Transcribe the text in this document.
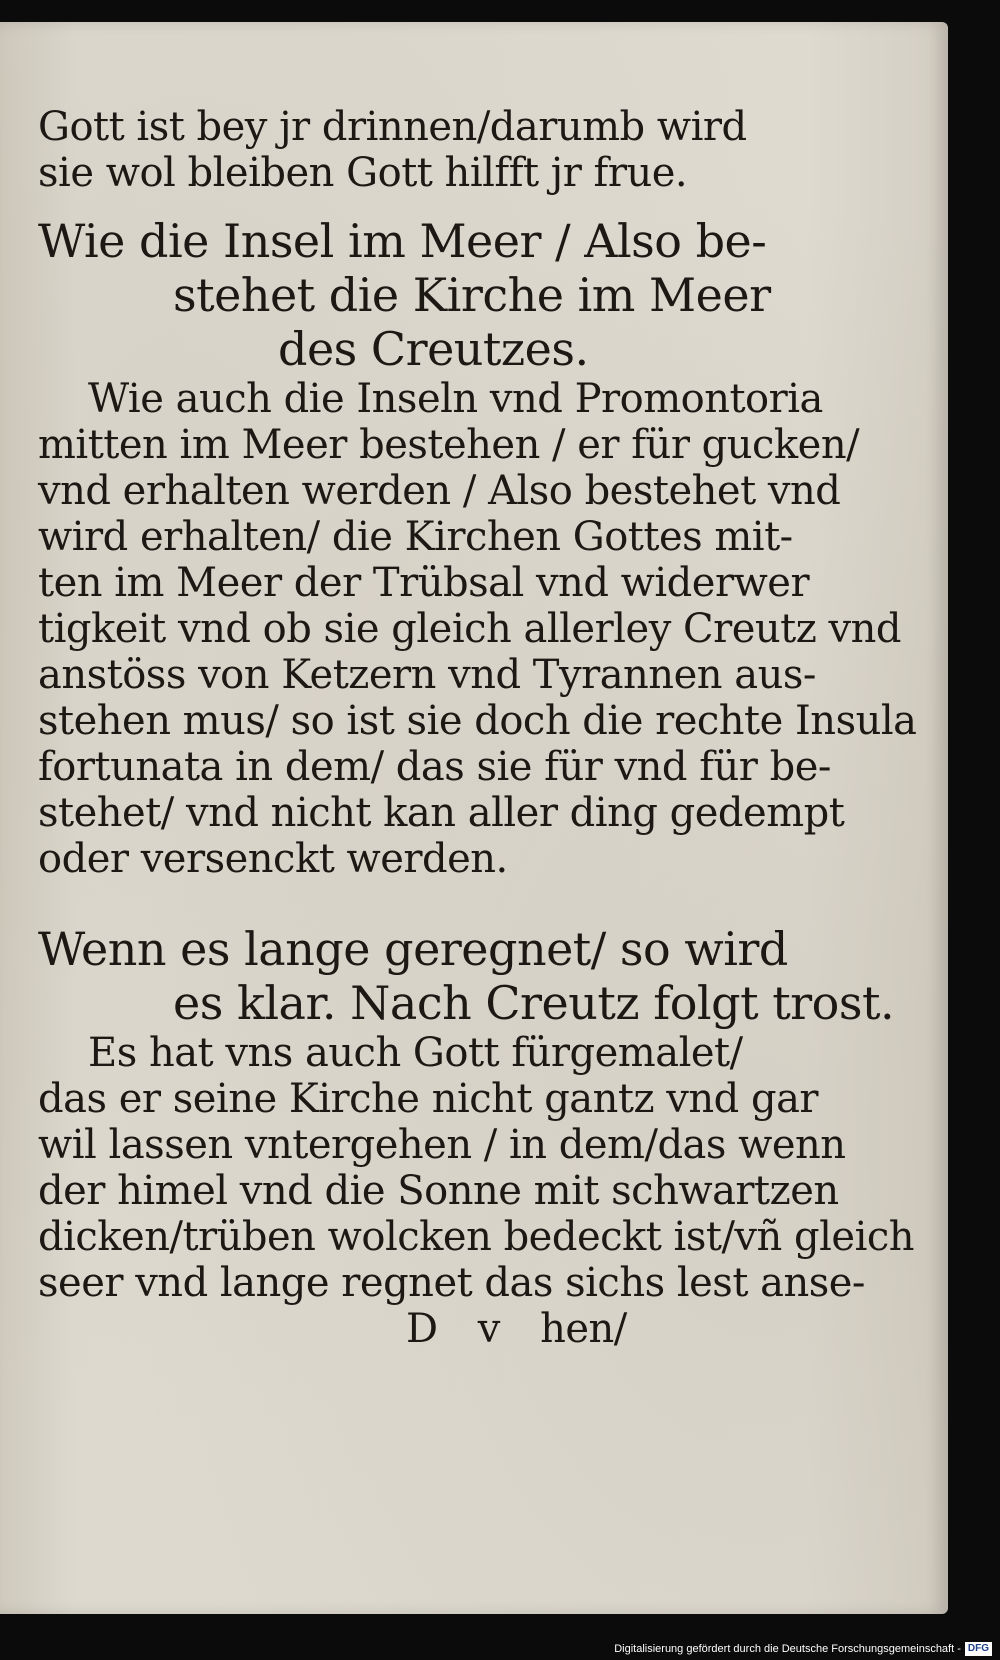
Gott ist bey jr drinnen/darumb wird
sie wol bleiben Gott hilfft jr frue.
Wie die Insel im Meer / Also be-
stehet die Kirche im Meer
des Creutzes.
Wie auch die Inseln vnd Promontoria
mitten im Meer bestehen / er für gucken/
vnd erhalten werden / Also bestehet vnd
wird erhalten/ die Kirchen Gottes mit-
ten im Meer der Trübsal vnd widerwer
tigkeit vnd ob sie gleich allerley Creutz vnd
anstöss von Ketzern vnd Tyrannen aus-
stehen mus/ so ist sie doch die rechte Insula
fortunata in dem/ das sie für vnd für be-
stehet/ vnd nicht kan aller ding gedempt
oder versenckt werden.
Wenn es lange geregnet/ so wird
es klar. Nach Creutz folgt trost.
Es hat vns auch Gott fürgemalet/
das er seine Kirche nicht gantz vnd gar
wil lassen vntergehen / in dem/das wenn
der himel vnd die Sonne mit schwartzen
dicken/trüben wolcken bedeckt ist/vñ gleich
seer vnd lange regnet das sichs lest anse-
D v hen/
Digitalisierung gefördert durch die Deutsche Forschungsgemeinschaft - DFG
